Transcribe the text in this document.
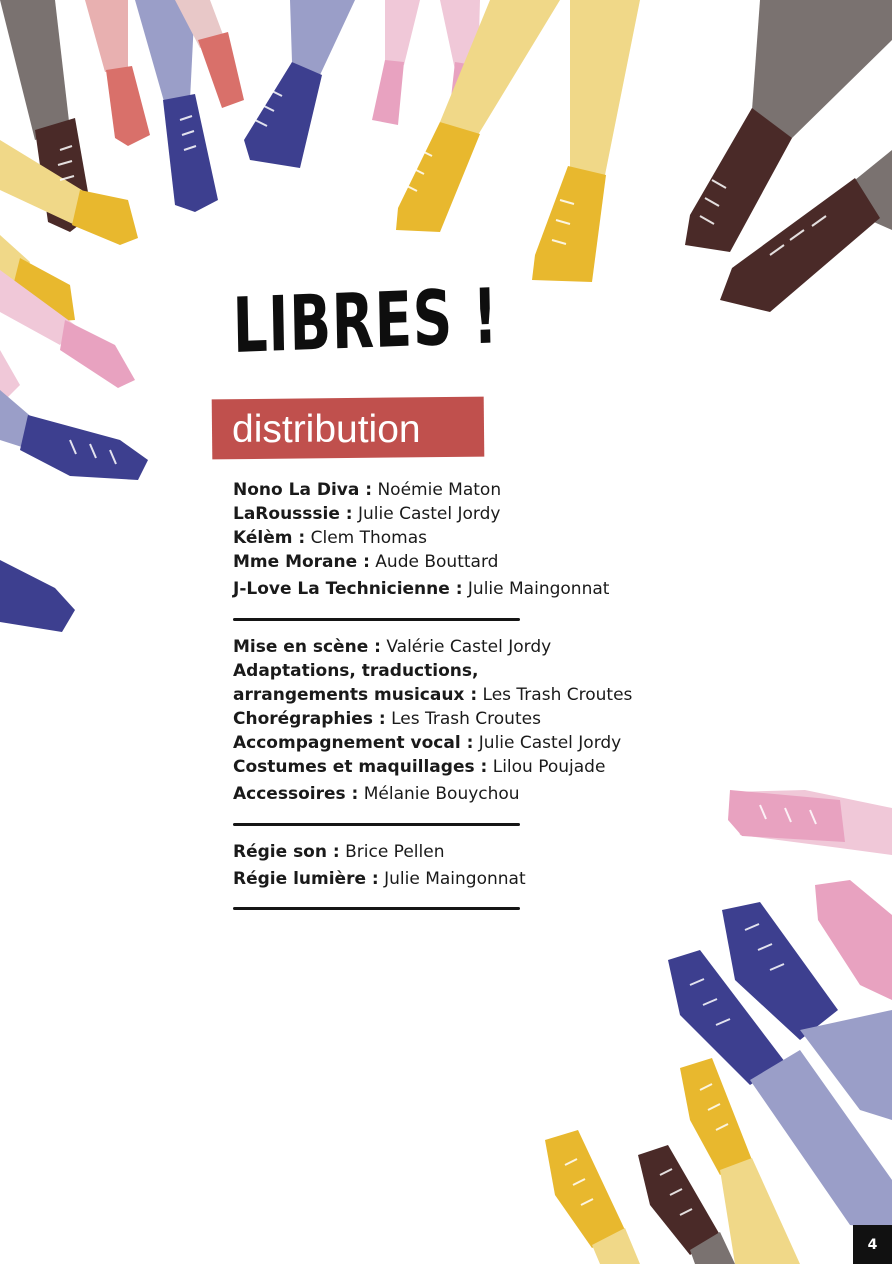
LIBRES !
distribution
Nono La Diva : Noémie Maton
LaRousssie : Julie Castel Jordy
Kélèm : Clem Thomas
Mme Morane : Aude Bouttard
J-Love La Technicienne : Julie Maingonnat
Mise en scène : Valérie Castel Jordy
Adaptations, traductions,
arrangements musicaux : Les Trash Croutes
Chorégraphies : Les Trash Croutes
Accompagnement vocal : Julie Castel Jordy
Costumes et maquillages : Lilou Poujade
Accessoires : Mélanie Bouychou
Régie son : Brice Pellen
Régie lumière : Julie Maingonnat
4
